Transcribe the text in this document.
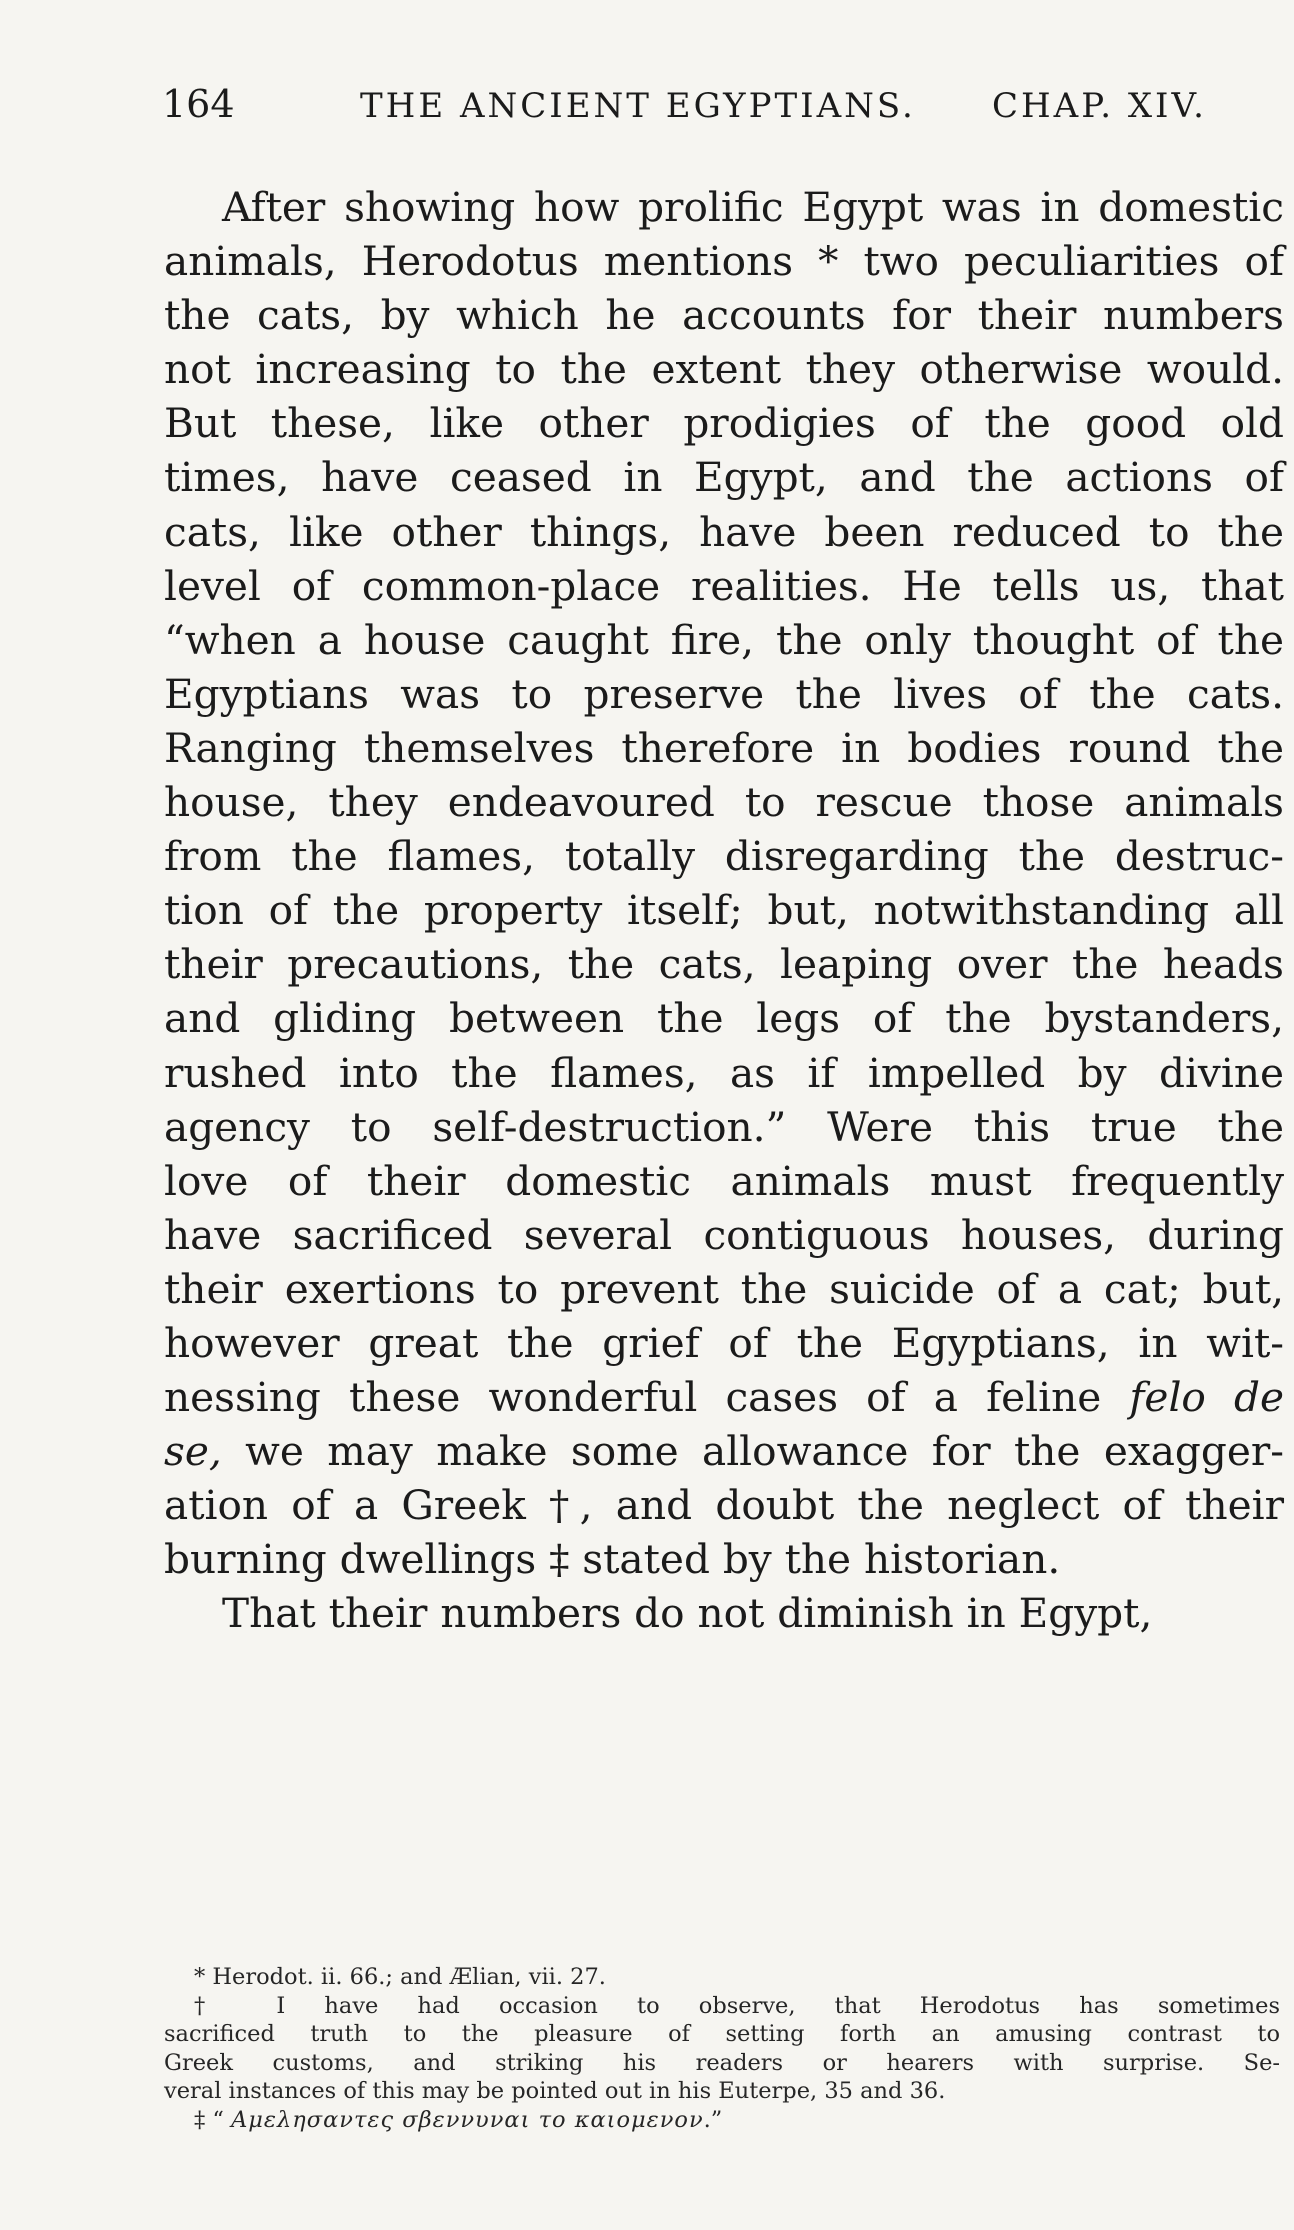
164	THE ANCIENT EGYPTIANS. CHAP. XIV.
After showing how prolific Egypt was in domestic
animals, Herodotus mentions * two peculiarities of
the cats, by which he accounts for their numbers
not increasing to the extent they otherwise would.
But these, like other prodigies of the good old
times, have ceased in Egypt, and the actions of
cats, like other things, have been reduced to the
level of common-place realities. He tells us, that
“when a house caught fire, the only thought of the
Egyptians was to preserve the lives of the cats.
Ranging themselves therefore in bodies round the
house, they endeavoured to rescue those animals
from the flames, totally disregarding the destruc-
tion of the property itself; but, notwithstanding all
their precautions, the cats, leaping over the heads
and gliding between the legs of the bystanders,
rushed into the flames, as if impelled by divine
agency to self-destruction.” Were this true the
love of their domestic animals must frequently
have sacrificed several contiguous houses, during
their exertions to prevent the suicide of a cat; but,
however great the grief of the Egyptians, in wit-
nessing these wonderful cases of a feline felo de
se, we may make some allowance for the exagger-
ation of a Greek †, and doubt the neglect of their
burning dwellings ‡ stated by the historian.
That their numbers do not diminish in Egypt,
* Herodot. ii. 66.; and Ælian, vii. 27.
† I have had occasion to observe, that Herodotus has sometimes
sacrificed truth to the pleasure of setting forth an amusing contrast to
Greek customs, and striking his readers or hearers with surprise. Se-
veral instances of this may be pointed out in his Euterpe, 35 and 36.
‡ “ Αμελησαντες σβεννυναι το καιομενον.”
